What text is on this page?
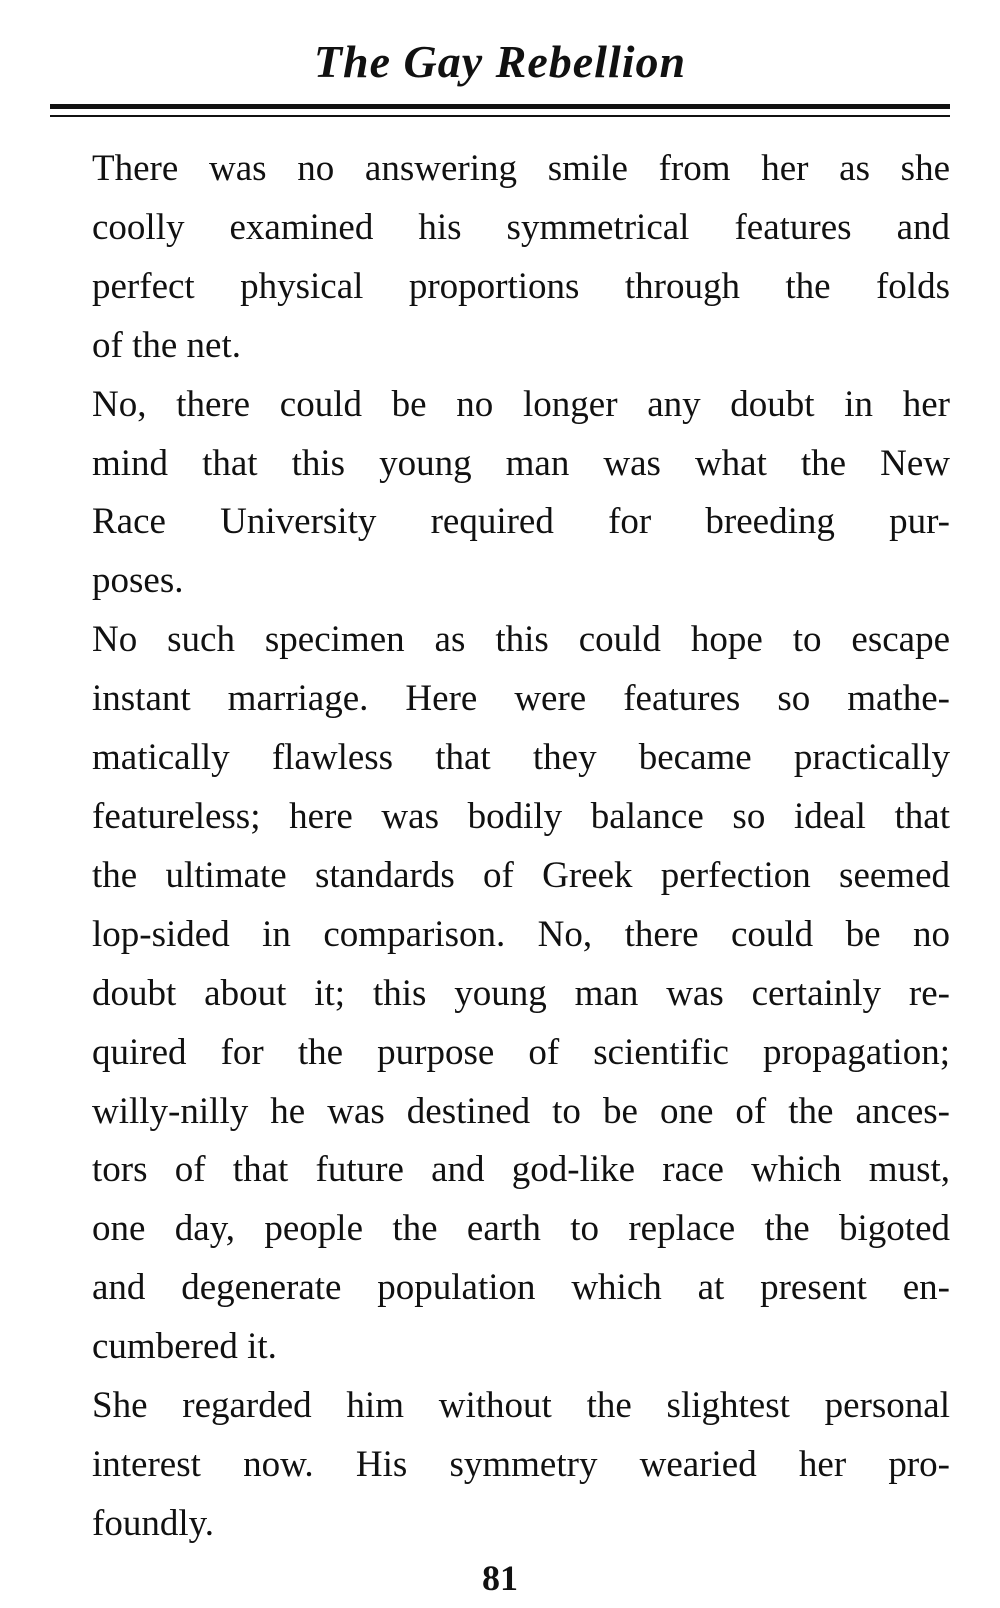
The Gay Rebellion
There was no answering smile from her as she
coolly examined his symmetrical features and
perfect physical proportions through the folds
of the net.
No, there could be no longer any doubt in her
mind that this young man was what the New
Race University required for breeding pur-
poses.
No such specimen as this could hope to escape
instant marriage. Here were features so mathe-
matically flawless that they became practically
featureless; here was bodily balance so ideal that
the ultimate standards of Greek perfection seemed
lop-sided in comparison. No, there could be no
doubt about it; this young man was certainly re-
quired for the purpose of scientific propagation;
willy-nilly he was destined to be one of the ances-
tors of that future and god-like race which must,
one day, people the earth to replace the bigoted
and degenerate population which at present en-
cumbered it.
She regarded him without the slightest personal
interest now. His symmetry wearied her pro-
foundly.
81
